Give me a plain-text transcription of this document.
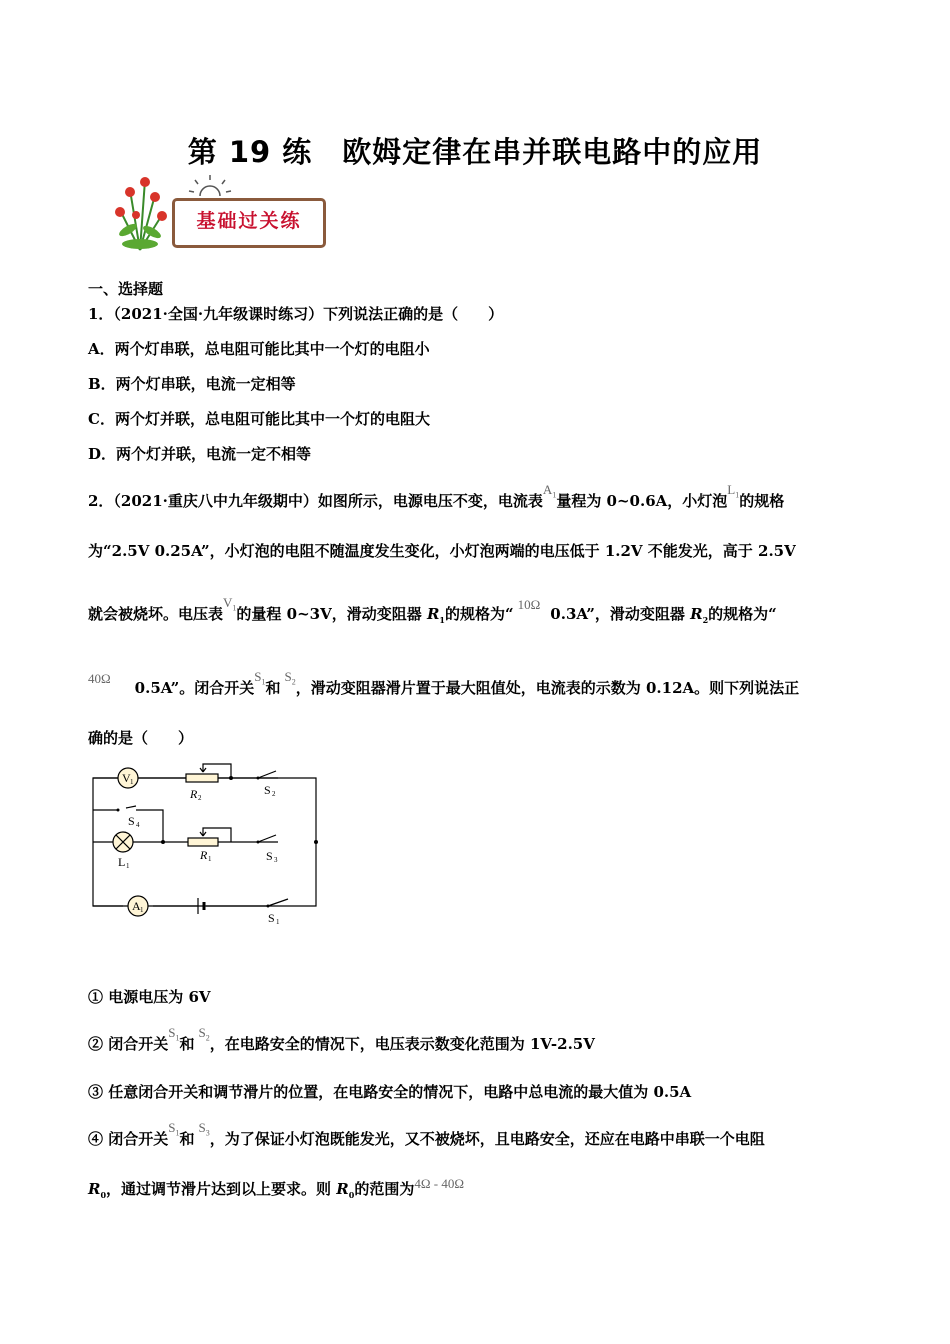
第 19 练　欧姆定律在串并联电路中的应用
基础过关练
一、选择题
1．（2021·全国·九年级课时练习）下列说法正确的是（　　）
A．两个灯串联，总电阻可能比其中一个灯的电阻小
B．两个灯串联，电流一定相等
C．两个灯并联，总电阻可能比其中一个灯的电阻大
D．两个灯并联，电流一定不相等
2．（2021·重庆八中九年级期中）如图所示，电源电压不变，电流表$A_1$量程为 0~0.6A，小灯泡$L_1$的规格
为“2.5V 0.25A”，小灯泡的电阻不随温度发生变化，小灯泡两端的电压低于 1.2V 不能发光，高于 2.5V
就会被烧坏。电压表$V_1$的量程 0~3V，滑动变阻器 $R_1$的规格为“10Ω0.3A”，滑动变阻器 $R_2$的规格为“
40Ω0.5A”。闭合开关$S_1$和$S_2$，滑动变阻器滑片置于最大阻值处，电流表的示数为 0.12A。则下列说法正
确的是（　　）
V 1
R 2
S 2
S 4
L 1
R 1	S 3
A 1
S 1
① 电源电压为 6V
② 闭合开关$S_1$和$S_2$，在电路安全的情况下，电压表示数变化范围为 1V-2.5V
③ 任意闭合开关和调节滑片的位置，在电路安全的情况下，电路中总电流的最大值为 0.5A
④ 闭合开关$S_1$和$S_3$，为了保证小灯泡既能发光，又不被烧坏，且电路安全，还应在电路中串联一个电阻
$R_0$，通过调节滑片达到以上要求。则 $R_0$的范围为4Ω - 40Ω
